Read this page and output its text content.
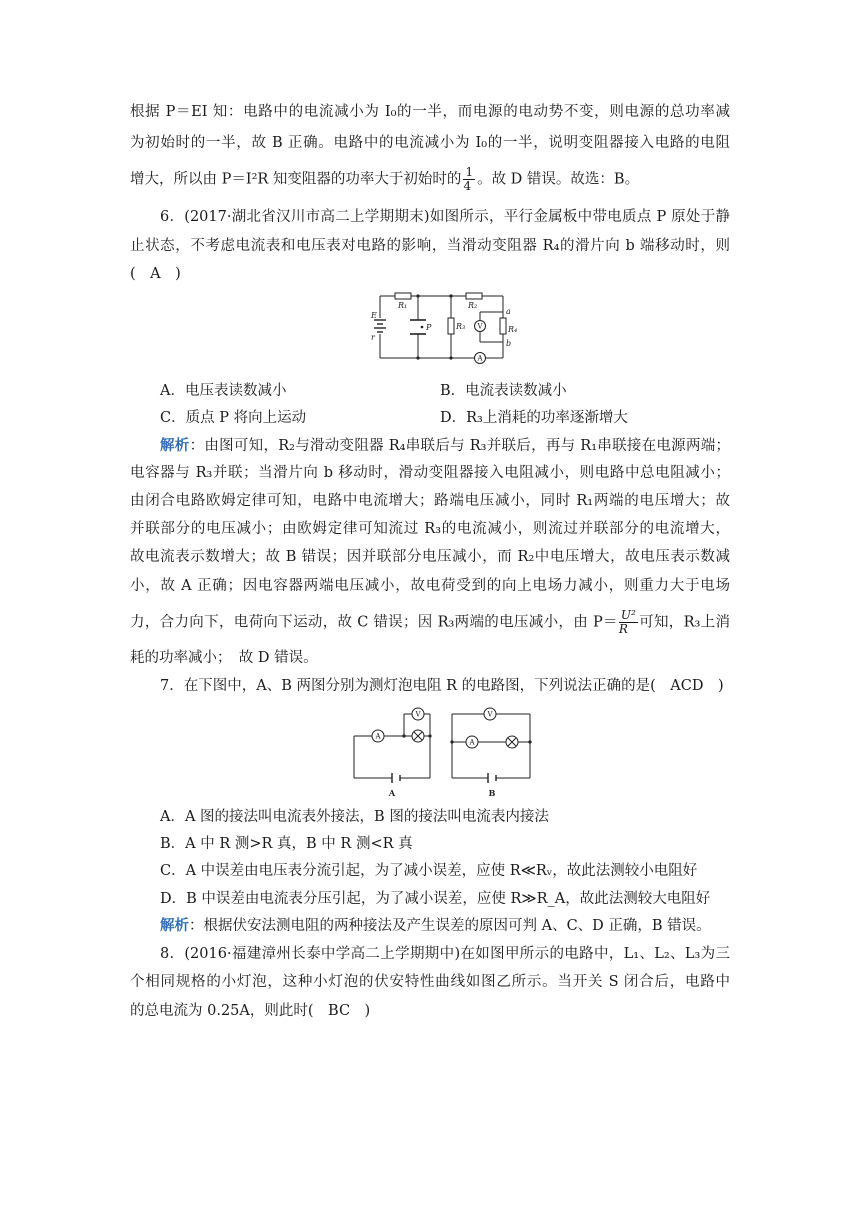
根据 P＝EI 知：电路中的电流减小为 I₀的一半，而电源的电动势不变，则电源的总功率减
为初始时的一半，故 B 正确。电路中的电流减小为 I₀的一半，说明变阻器接入电路的电阻
增大，所以由 P＝I²R 知变阻器的功率大于初始时的 $\frac{1}{4}$ 。故 D 错误。故选：B。
6．(2017·湖北省汉川市高二上学期期末)如图所示，平行金属板中带电质点 P 原处于静
止状态，不考虑电流表和电压表对电路的影响，当滑动变阻器 R₄的滑片向 b 端移动时，则
(　A　)
R₁	R₂
R₃	R₄
E
r
P
a
b
V
A
A．电压表读数减小	B．电流表读数减小
C．质点 P 将向上运动	D．R₃上消耗的功率逐渐增大
解析：由图可知，R₂与滑动变阻器 R₄串联后与 R₃并联后，再与 R₁串联接在电源两端；
电容器与 R₃并联；当滑片向 b 移动时，滑动变阻器接入电阻减小，则电路中总电阻减小；
由闭合电路欧姆定律可知，电路中电流增大；路端电压减小，同时 R₁两端的电压增大；故
并联部分的电压减小；由欧姆定律可知流过 R₃的电流减小，则流过并联部分的电流增大，
故电流表示数增大；故 B 错误；因并联部分电压减小，而 R₂中电压增大，故电压表示数减
小，故 A 正确；因电容器两端电压减小，故电荷受到的向上电场力减小，则重力大于电场
力，合力向下，电荷向下运动，故 C 错误；因 R₃两端的电压减小，由 $P= \frac{\text{U²}}{R}$ 可知，R₃上消
耗的功率减小；　故 D 错误。
7．在下图中，A、B 两图分别为测灯泡电阻 R 的电路图，下列说法正确的是(　ACD　)
A
V	V
A
A	B
A．A 图的接法叫电流表外接法，B 图的接法叫电流表内接法
B．A 中 R 测>R 真，B 中 R 测<R 真
C．A 中误差由电压表分流引起，为了减小误差，应使 R≪Rᵥ，故此法测较小电阻好
D．B 中误差由电流表分压引起，为了减小误差，应使 R≫R_A，故此法测较大电阻好
解析：根据伏安法测电阻的两种接法及产生误差的原因可判 A、C、D 正确，B 错误。
8．(2016·福建漳州长泰中学高二上学期期中)在如图甲所示的电路中，L₁、L₂、L₃为三
个相同规格的小灯泡，这种小灯泡的伏安特性曲线如图乙所示。当开关 S 闭合后，电路中
的总电流为 0.25A，则此时(　BC　)
